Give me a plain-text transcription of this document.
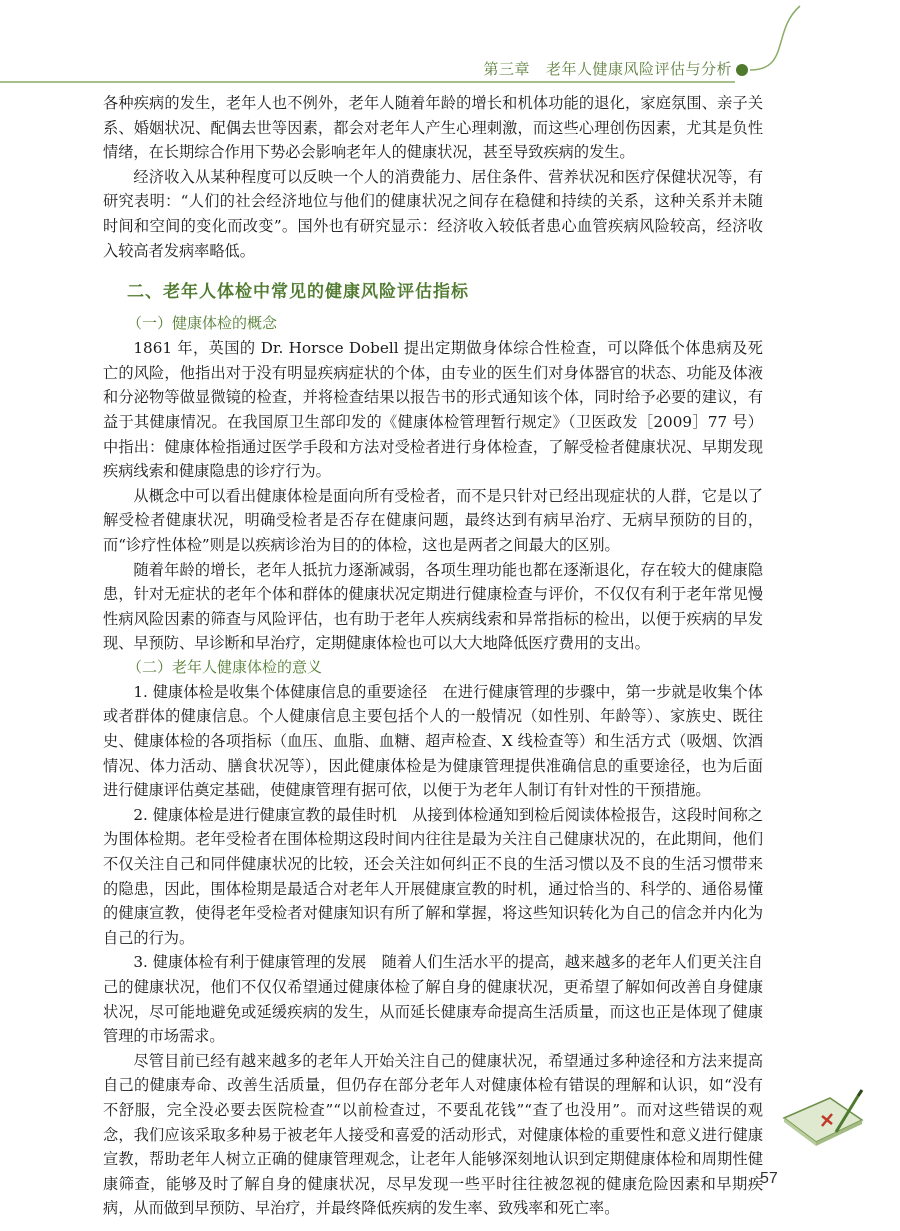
第三章 老年人健康风险评估与分析

各种疾病的发生，老年人也不例外，老年人随着年龄的增长和机体功能的退化，家庭氛围、亲子关系、婚姻状况、配偶去世等因素，都会对老年人产生心理刺激，而这些心理创伤因素，尤其是负性情绪，在长期综合作用下势必会影响老年人的健康状况，甚至导致疾病的发生。

经济收入从某种程度可以反映一个人的消费能力、居住条件、营养状况和医疗保健状况等，有研究表明：“人们的社会经济地位与他们的健康状况之间存在稳健和持续的关系，这种关系并未随时间和空间的变化而改变”。国外也有研究显示：经济收入较低者患心血管疾病风险较高，经济收入较高者发病率略低。

二、老年人体检中常见的健康风险评估指标
（一）健康体检的概念

1861 年，英国的 Dr. Horsce Dobell 提出定期做身体综合性检查，可以降低个体患病及死亡的风险，他指出对于没有明显疾病症状的个体，由专业的医生们对身体器官的状态、功能及体液和分泌物等做显微镜的检查，并将检查结果以报告书的形式通知该个体，同时给予必要的建议，有益于其健康情况。在我国原卫生部印发的《健康体检管理暂行规定》（卫医政发［2009］77 号）中指出：健康体检指通过医学手段和方法对受检者进行身体检查，了解受检者健康状况、早期发现疾病线索和健康隐患的诊疗行为。

从概念中可以看出健康体检是面向所有受检者，而不是只针对已经出现症状的人群，它是以了解受检者健康状况，明确受检者是否存在健康问题，最终达到有病早治疗、无病早预防的目的，而“诊疗性体检”则是以疾病诊治为目的的体检，这也是两者之间最大的区别。

随着年龄的增长，老年人抵抗力逐渐减弱，各项生理功能也都在逐渐退化，存在较大的健康隐患，针对无症状的老年个体和群体的健康状况定期进行健康检查与评价，不仅仅有利于老年常见慢性病风险因素的筛查与风险评估，也有助于老年人疾病线索和异常指标的检出，以便于疾病的早发现、早预防、早诊断和早治疗，定期健康体检也可以大大地降低医疗费用的支出。

（二）老年人健康体检的意义

1. 健康体检是收集个体健康信息的重要途径　在进行健康管理的步骤中，第一步就是收集个体或者群体的健康信息。个人健康信息主要包括个人的一般情况（如性别、年龄等）、家族史、既往史、健康体检的各项指标（血压、血脂、血糖、超声检查、X 线检查等）和生活方式（吸烟、饮酒情况、体力活动、膳食状况等），因此健康体检是为健康管理提供准确信息的重要途径，也为后面进行健康评估奠定基础，使健康管理有据可依，以便于为老年人制订有针对性的干预措施。

2. 健康体检是进行健康宣教的最佳时机　从接到体检通知到检后阅读体检报告，这段时间称之为围体检期。老年受检者在围体检期这段时间内往往是最为关注自己健康状况的，在此期间，他们不仅关注自己和同伴健康状况的比较，还会关注如何纠正不良的生活习惯以及不良的生活习惯带来的隐患，因此，围体检期是最适合对老年人开展健康宣教的时机，通过恰当的、科学的、通俗易懂的健康宣教，使得老年受检者对健康知识有所了解和掌握，将这些知识转化为自己的信念并内化为自己的行为。

3. 健康体检有利于健康管理的发展　随着人们生活水平的提高，越来越多的老年人们更关注自己的健康状况，他们不仅仅希望通过健康体检了解自身的健康状况，更希望了解如何改善自身健康状况，尽可能地避免或延缓疾病的发生，从而延长健康寿命提高生活质量，而这也正是体现了健康管理的市场需求。

尽管目前已经有越来越多的老年人开始关注自己的健康状况，希望通过多种途径和方法来提高自己的健康寿命、改善生活质量，但仍存在部分老年人对健康体检有错误的理解和认识，如“没有不舒服，完全没必要去医院检查”“以前检查过，不要乱花钱”“查了也没用”。而对这些错误的观念，我们应该采取多种易于被老年人接受和喜爱的活动形式，对健康体检的重要性和意义进行健康宣教，帮助老年人树立正确的健康管理观念，让老年人能够深刻地认识到定期健康体检和周期性健康筛查，能够及时了解自身的健康状况，尽早发现一些平时往往被忽视的健康危险因素和早期疾病，从而做到早预防、早治疗，并最终降低疾病的发生率、致残率和死亡率。

57
